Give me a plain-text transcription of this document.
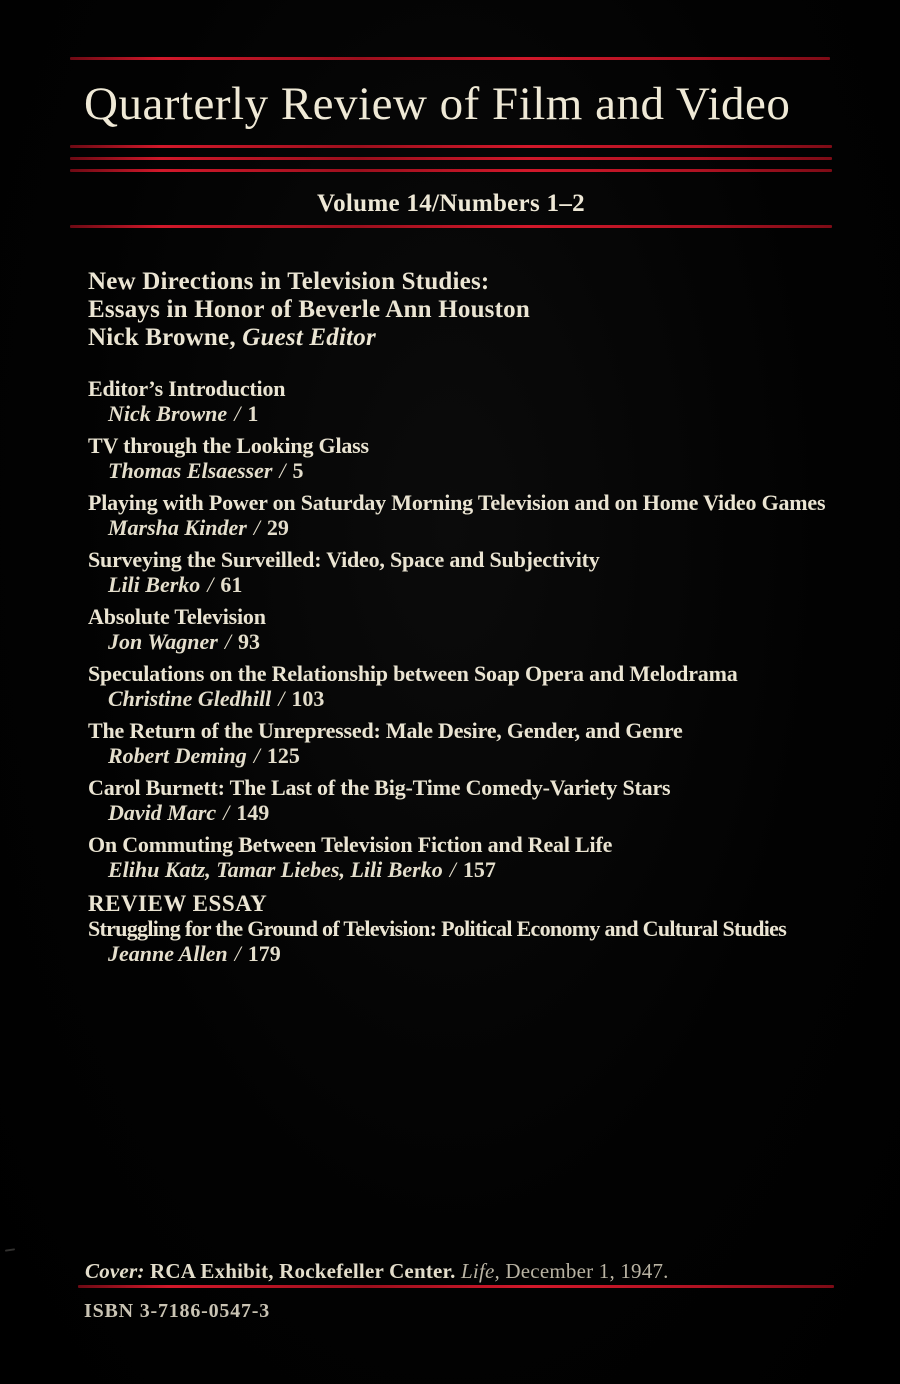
Quarterly Review of Film and Video
Volume 14/Numbers 1–2
New Directions in Television Studies:
Essays in Honor of Beverle Ann Houston
Nick Browne, Guest Editor
Editor’s Introduction
Nick Browne / 1
TV through the Looking Glass
Thomas Elsaesser / 5
Playing with Power on Saturday Morning Television and on Home Video Games
Marsha Kinder / 29
Surveying the Surveilled: Video, Space and Subjectivity
Lili Berko / 61
Absolute Television
Jon Wagner / 93
Speculations on the Relationship between Soap Opera and Melodrama
Christine Gledhill / 103
The Return of the Unrepressed: Male Desire, Gender, and Genre
Robert Deming / 125
Carol Burnett: The Last of the Big-Time Comedy-Variety Stars
David Marc / 149
On Commuting Between Television Fiction and Real Life
Elihu Katz, Tamar Liebes, Lili Berko / 157
REVIEW ESSAY
Struggling for the Ground of Television: Political Economy and Cultural Studies
Jeanne Allen / 179
Cover: RCA Exhibit, Rockefeller Center. Life, December 1, 1947.
ISBN 3-7186-0547-3
